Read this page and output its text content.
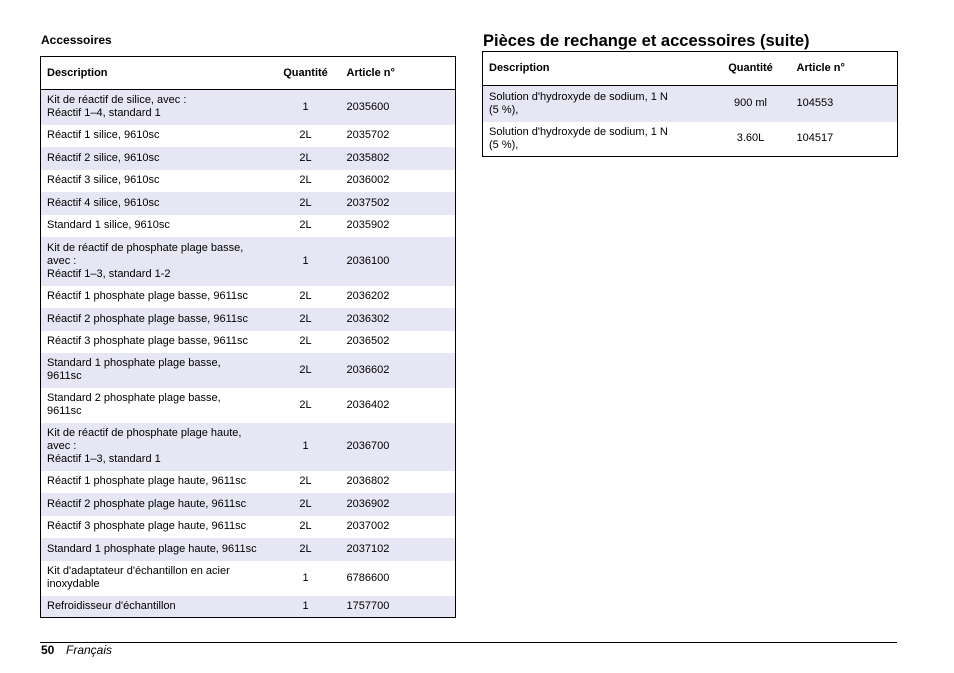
Accessoires
Description	Quantité	Article n°
Kit de réactif de silice, avec :
Réactif 1–4, standard 1	1	2035600
Réactif 1 silice, 9610sc	2L	2035702
Réactif 2 silice, 9610sc	2L	2035802
Réactif 3 silice, 9610sc	2L	2036002
Réactif 4 silice, 9610sc	2L	2037502
Standard 1 silice, 9610sc	2L	2035902
Kit de réactif de phosphate plage basse,
avec :
Réactif 1–3, standard 1-2	1	2036100
Réactif 1 phosphate plage basse, 9611sc	2L	2036202
Réactif 2 phosphate plage basse, 9611sc	2L	2036302
Réactif 3 phosphate plage basse, 9611sc	2L	2036502
Standard 1 phosphate plage basse,
9611sc	2L	2036602
Standard 2 phosphate plage basse,
9611sc	2L	2036402
Kit de réactif de phosphate plage haute,
avec :
Réactif 1–3, standard 1	1	2036700
Réactif 1 phosphate plage haute, 9611sc	2L	2036802
Réactif 2 phosphate plage haute, 9611sc	2L	2036902
Réactif 3 phosphate plage haute, 9611sc	2L	2037002
Standard 1 phosphate plage haute, 9611sc	2L	2037102
Kit d'adaptateur d'échantillon en acier
inoxydable	1	6786600
Refroidisseur d'échantillon	1	1757700
Pièces de rechange et accessoires (suite)
Description	Quantité	Article n°
Solution d'hydroxyde de sodium, 1 N
(5 %),	900 ml	104553
Solution d'hydroxyde de sodium, 1 N
(5 %),	3.60L	104517
50 Français
